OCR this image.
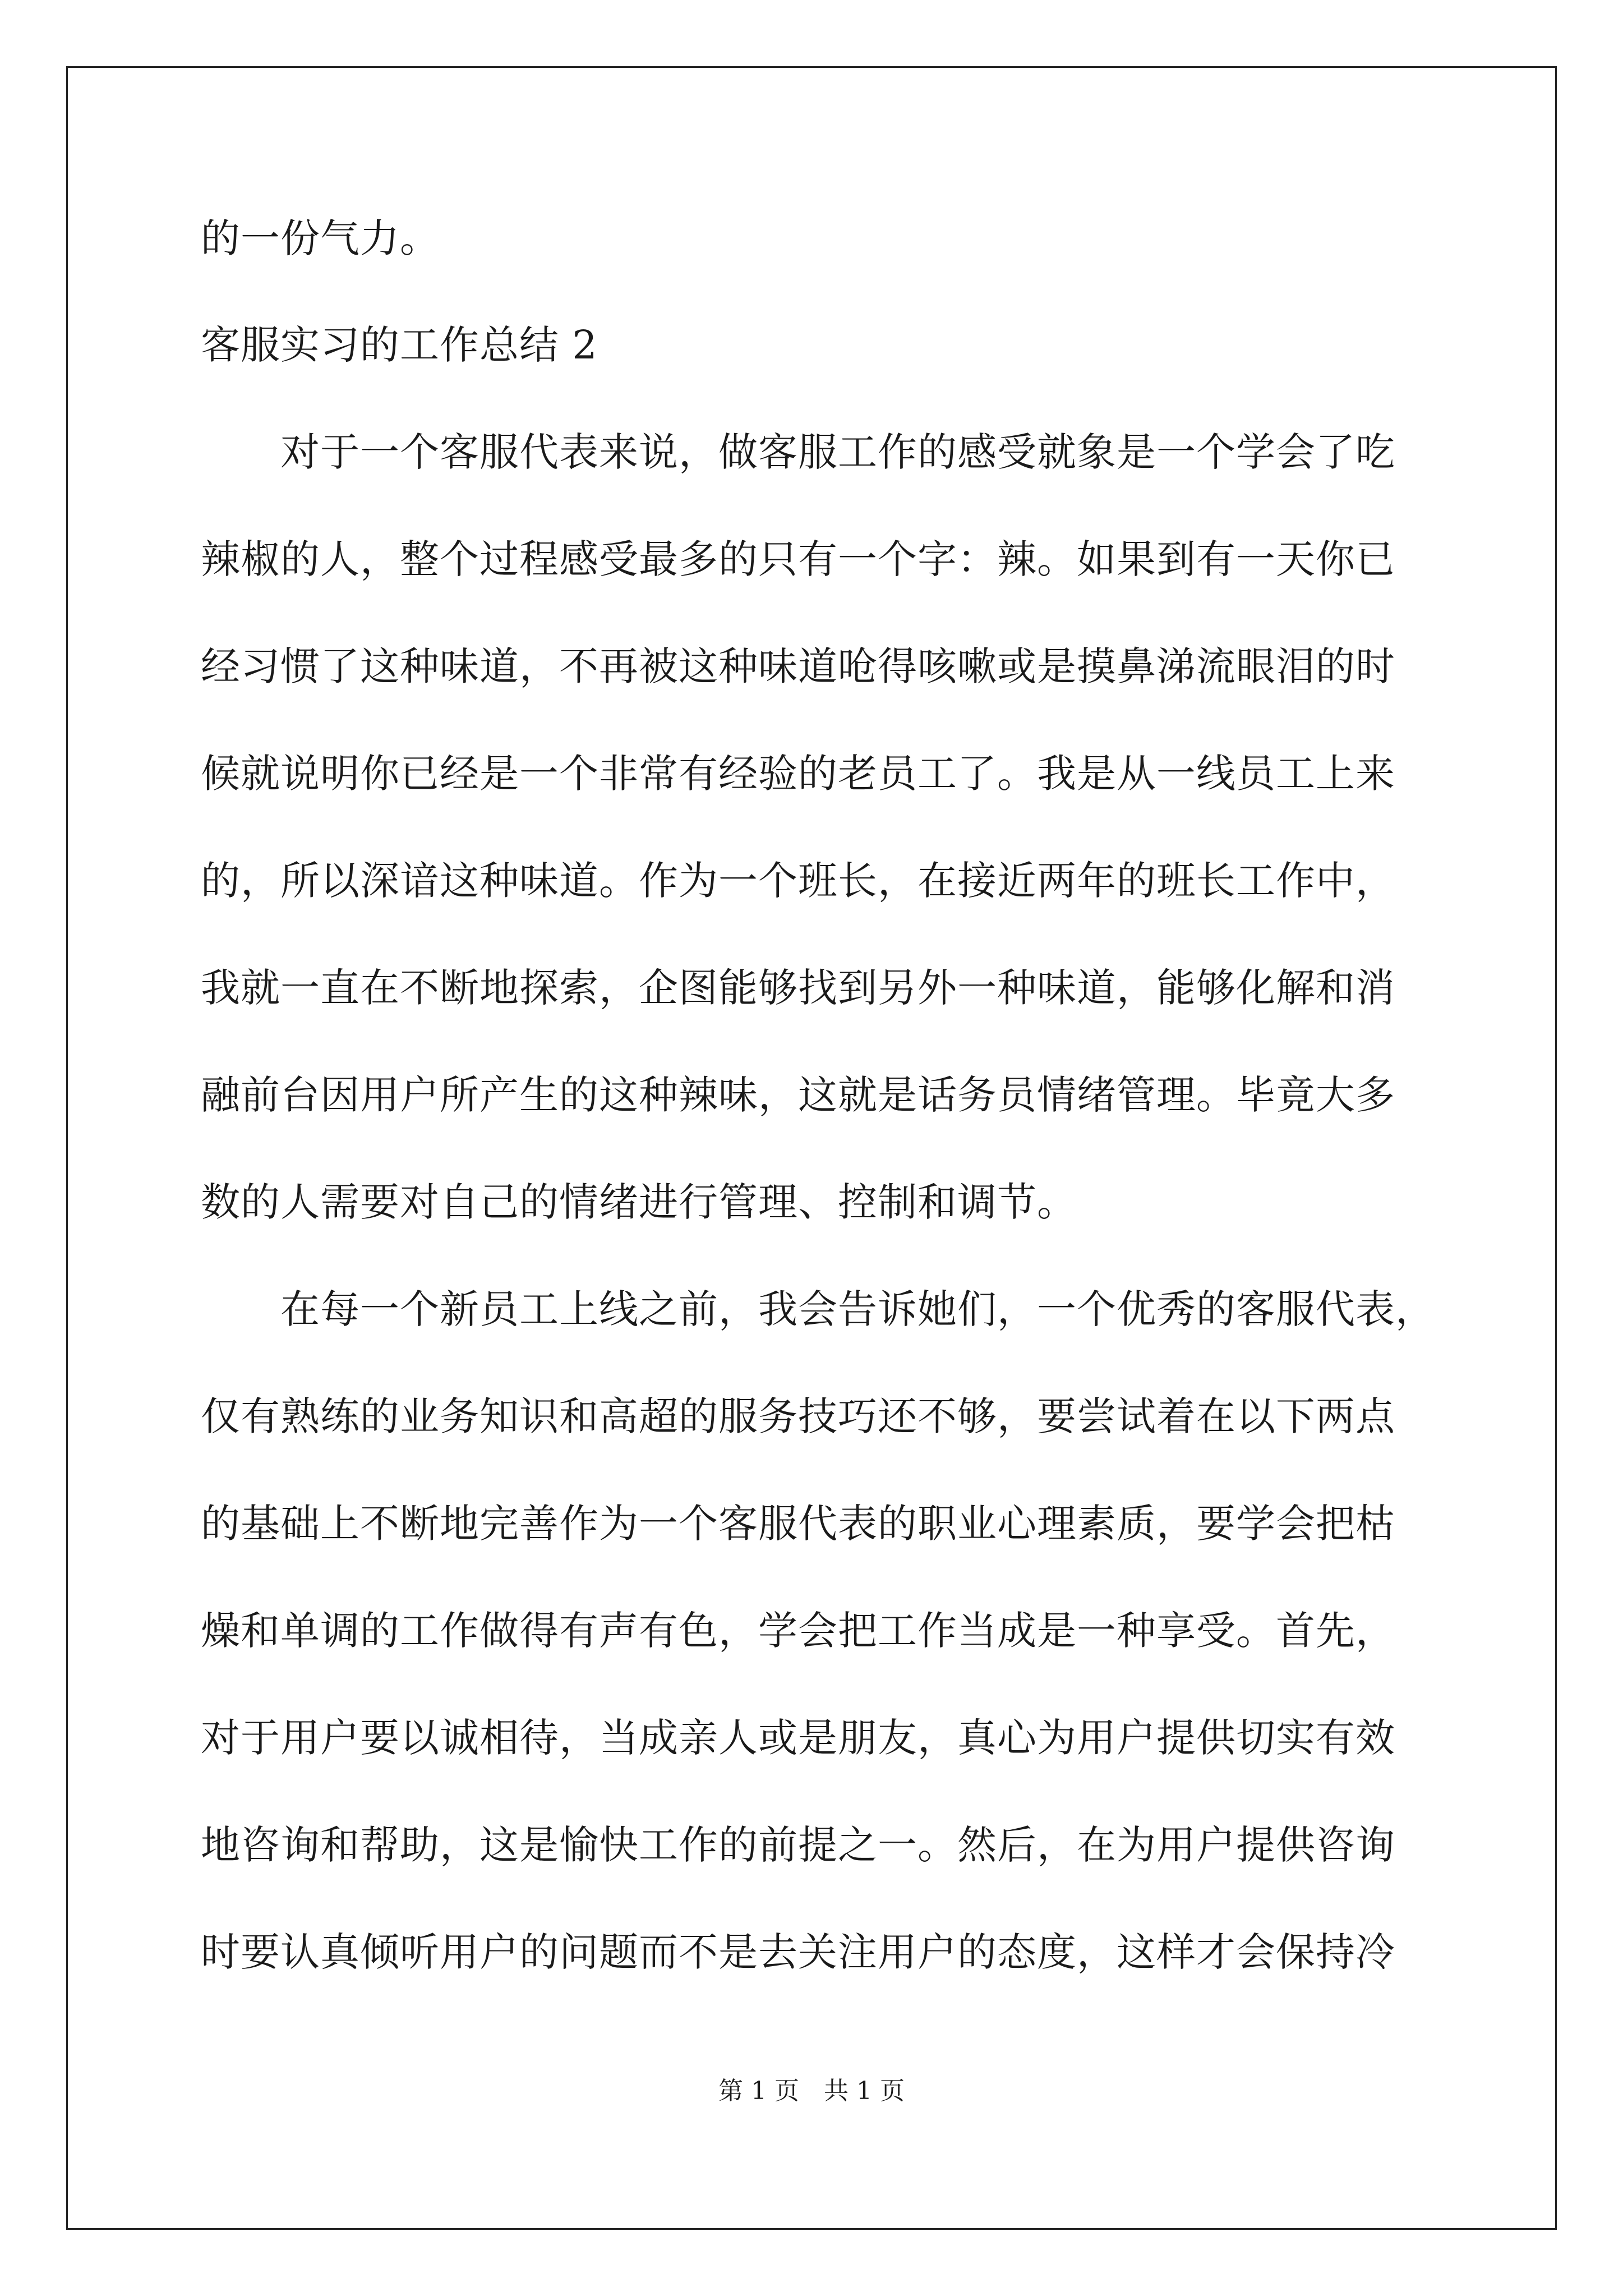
的一份气力。
客服实习的工作总结 2
　　对于一个客服代表来说，做客服工作的感受就象是一个学会了吃
辣椒的人，整个过程感受最多的只有一个字：辣。如果到有一天你已
经习惯了这种味道，不再被这种味道呛得咳嗽或是摸鼻涕流眼泪的时
候就说明你已经是一个非常有经验的老员工了。我是从一线员工上来
的，所以深谙这种味道。作为一个班长，在接近两年的班长工作中，
我就一直在不断地探索，企图能够找到另外一种味道，能够化解和消
融前台因用户所产生的这种辣味，这就是话务员情绪管理。毕竟大多
数的人需要对自己的情绪进行管理、控制和调节。
　　在每一个新员工上线之前，我会告诉她们，一个优秀的客服代表，
仅有熟练的业务知识和高超的服务技巧还不够，要尝试着在以下两点
的基础上不断地完善作为一个客服代表的职业心理素质，要学会把枯
燥和单调的工作做得有声有色，学会把工作当成是一种享受。首先，
对于用户要以诚相待，当成亲人或是朋友，真心为用户提供切实有效
地咨询和帮助，这是愉快工作的前提之一。然后，在为用户提供咨询
时要认真倾听用户的问题而不是去关注用户的态度，这样才会保持冷
第 1 页　共 1 页
